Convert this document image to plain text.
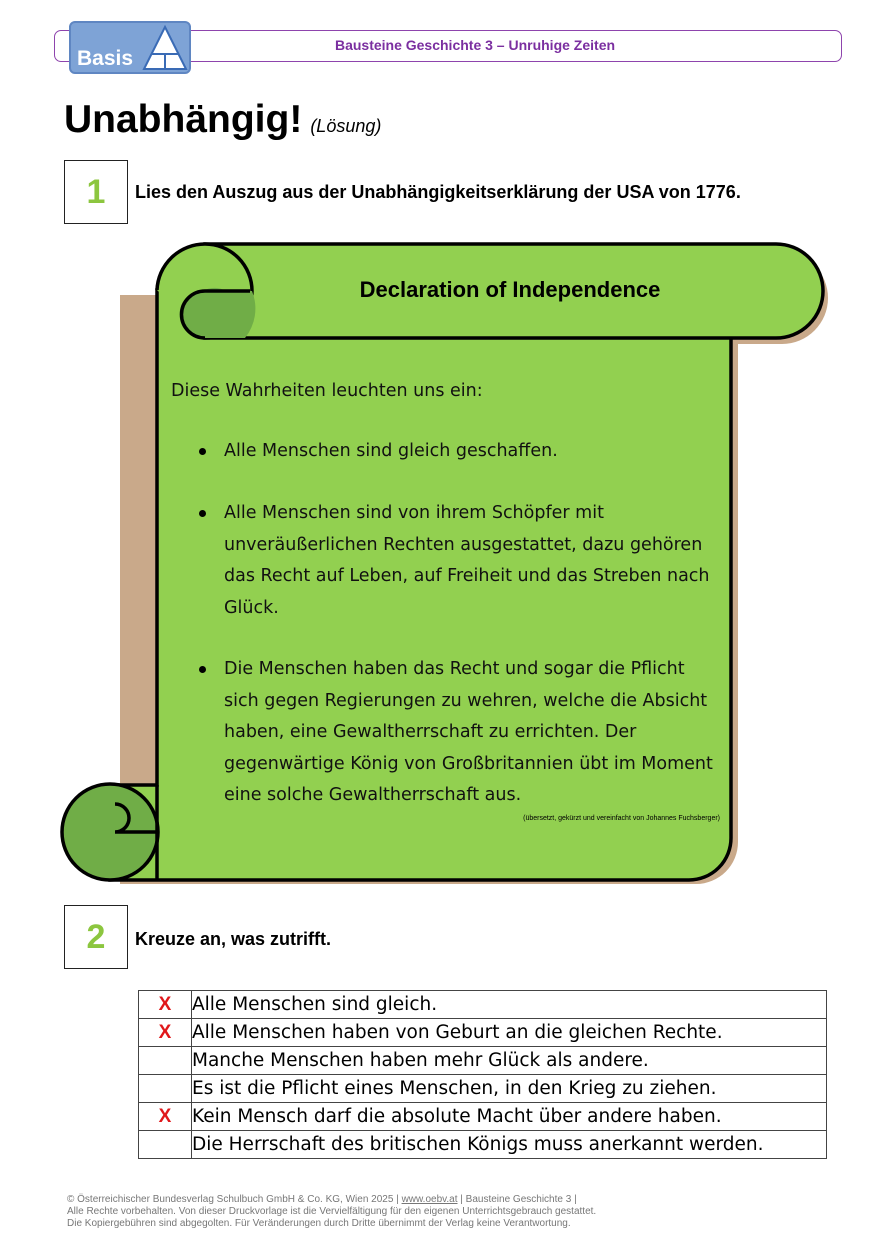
Bausteine Geschichte 3 – Unruhige Zeiten
Basis
Unabhängig! (Lösung)
1	Lies den Auszug aus der Unabhängigkeitserklärung der USA von 1776.
Declaration of Independence
Diese Wahrheiten leuchten uns ein:
Alle Menschen sind gleich geschaffen.
Alle Menschen sind von ihrem Schöpfer mit unveräußerlichen Rechten ausgestattet, dazu gehören das Recht auf Leben, auf Freiheit und das Streben nach Glück.
Die Menschen haben das Recht und sogar die Pflicht sich gegen Regierungen zu wehren, welche die Absicht haben, eine Gewaltherrschaft zu errichten. Der gegenwärtige König von Großbritannien übt im Moment eine solche Gewaltherrschaft aus.
(übersetzt, gekürzt und vereinfacht von Johannes Fuchsberger)
2	Kreuze an, was zutrifft.
X	Alle Menschen sind gleich.
X	Alle Menschen haben von Geburt an die gleichen Rechte.
	Manche Menschen haben mehr Glück als andere.
	Es ist die Pflicht eines Menschen, in den Krieg zu ziehen.
X	Kein Mensch darf die absolute Macht über andere haben.
	Die Herrschaft des britischen Königs muss anerkannt werden.
© Österreichischer Bundesverlag Schulbuch GmbH & Co. KG, Wien 2025 | www.oebv.at | Bausteine Geschichte 3 |
Alle Rechte vorbehalten. Von dieser Druckvorlage ist die Vervielfältigung für den eigenen Unterrichtsgebrauch gestattet.
Die Kopiergebühren sind abgegolten. Für Veränderungen durch Dritte übernimmt der Verlag keine Verantwortung.
